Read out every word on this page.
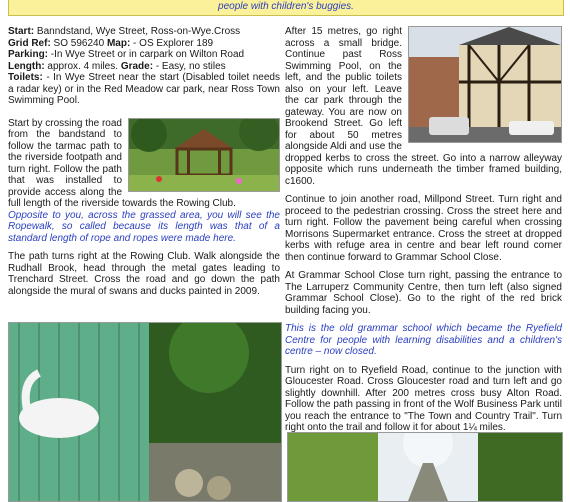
people with children's buggies.

Start: Banndstand, Wye Street, Ross-on-Wye.Cross
Grid Ref: SO 596240 Map: - OS Explorer 189
Parking: -In Wye Street or in carpark on Wilton Road
Length: approx. 4 miles. Grade: - Easy, no stiles
Toilets: - In Wye Street near the start (Disabled toilet needs a radar key) or in the Red Meadow car park, near Ross Town Swimming Pool.

Start by crossing the road from the bandstand to follow the tarmac path to the riverside footpath and turn right. Follow the path that was installed to provide access along the full length of the riverside towards the Rowing Club.

Opposite to you, across the grassed area, you will see the Ropewalk, so called because its length was that of a standard length of rope and ropes were made here.

The path turns right at the Rowing Club. Walk alongside the Rudhall Brook, head through the metal gates leading to Trenchard Street. Cross the road and go down the path alongside the mural of swans and ducks painted in 2009.

After 15 metres, go right across a small bridge. Continue past Ross Swimming Pool, on the left, and the public toilets also on your left. Leave the car park through the gateway. You are now on Brookend Street. Go left for about 50 metres alongside Aldi and use the dropped kerbs to cross the street. Go into a narrow alleyway opposite which runs underneath the timber framed building, c1600.

Continue to join another road, Millpond Street. Turn right and proceed to the pedestrian crossing. Cross the street here and turn right. Follow the pavement being careful when crossing Morrisons Supermarket entrance. Cross the street at dropped kerbs with refuge area in centre and bear left round corner then continue forward to Grammar School Close.

At Grammar School Close turn right, passing the entrance to The Larruperz Community Centre, then turn left (also signed Grammar School Close). Go to the right of the red brick building facing you.

This is the old grammar school which became the Ryefield Centre for people with learning disabilities and a children's centre – now closed.

Turn right on to Ryefield Road, continue to the junction with Gloucester Road. Cross Gloucester road and turn left and go slightly downhill. After 200 metres cross busy Alton Road. Follow the path passing in front of the Wolf Business Park until you reach the entrance to "The Town and Country Trail". Turn right onto the trail and follow it for about 1¼ miles.
